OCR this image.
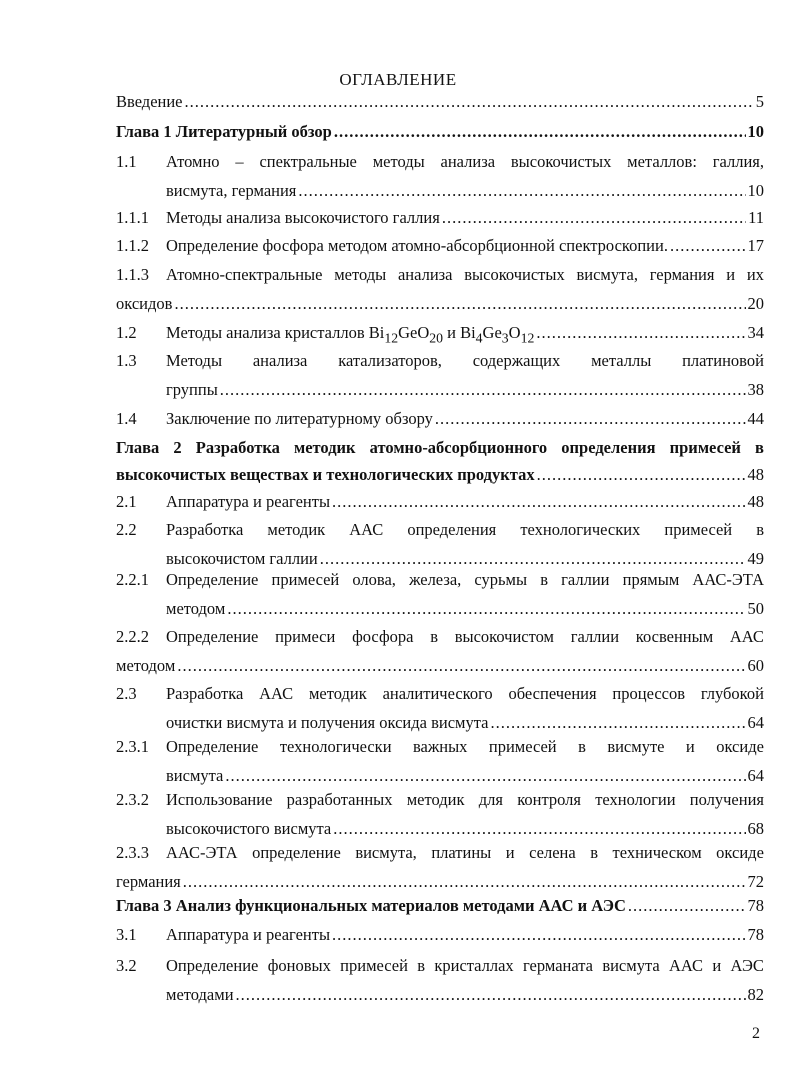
ОГЛАВЛЕНИЕ
Введение .....	5
Глава 1 Литературный обзор .....	10
1.1	Атомно – спектральные методы анализа высокочистых металлов: галлия,
висмута, германия .....	10
1.1.1	Методы анализа высокочистого галлия .....	11
1.1.2	Определение фосфора методом атомно-абсорбционной спектроскопии. .....	17
1.1.3	Атомно-спектральные методы анализа высокочистых висмута, германия и их
оксидов .....	20
1.2	Методы анализа кристаллов $Bi_{12}GeO_{20}$ и $Bi_4Ge_3O_{12}$ .....	34
1.3	Методы анализа катализаторов, содержащих металлы платиновой
группы .....	38
1.4	Заключение по литературному обзору .....	44
Глава 2 Разработка методик атомно-абсорбционного определения примесей в
высокочистых веществах и технологических продуктах .....	48
2.1	Аппаратура и реагенты .....	48
2.2	Разработка методик ААС определения технологических примесей в
высокочистом галлии .....	49
2.2.1	Определение примесей олова, железа, сурьмы в галлии прямым ААС-ЭТА
методом .....	50
2.2.2	Определение примеси фосфора в высокочистом галлии косвенным ААС
методом .....	60
2.3	Разработка ААС методик аналитического обеспечения процессов глубокой
очистки висмута и получения оксида висмута .....	64
2.3.1	Определение технологически важных примесей в висмуте и оксиде
висмута .....	64
2.3.2	Использование разработанных методик для контроля технологии получения
высокочистого висмута .....	68
2.3.3	ААС-ЭТА определение висмута, платины и селена в техническом оксиде
германия .....	72
Глава 3 Анализ функциональных материалов методами ААС и АЭС .....	78
3.1	Аппаратура и реагенты .....	78
3.2	Определение фоновых примесей в кристаллах германата висмута ААС и АЭС
методами .....	82
2
